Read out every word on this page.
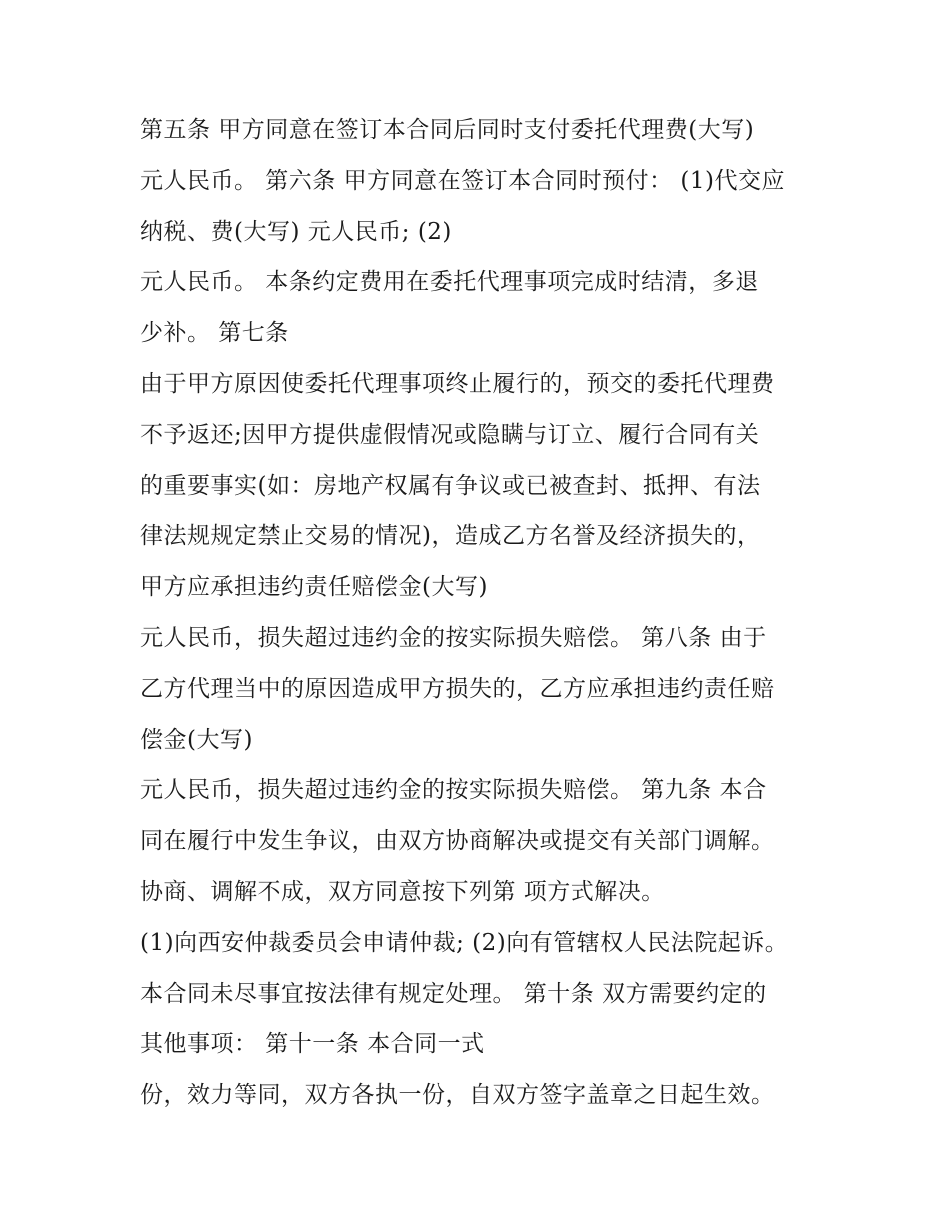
第五条 甲方同意在签订本合同后同时支付委托代理费(大写)
元人民币。 第六条 甲方同意在签订本合同时预付： (1)代交应
纳税、费(大写) 元人民币; (2)
元人民币。 本条约定费用在委托代理事项完成时结清，多退
少补。 第七条
由于甲方原因使委托代理事项终止履行的，预交的委托代理费
不予返还;因甲方提供虚假情况或隐瞒与订立、履行合同有关
的重要事实(如：房地产权属有争议或已被查封、抵押、有法
律法规规定禁止交易的情况)，造成乙方名誉及经济损失的，
甲方应承担违约责任赔偿金(大写)
元人民币，损失超过违约金的按实际损失赔偿。 第八条 由于
乙方代理当中的原因造成甲方损失的，乙方应承担违约责任赔
偿金(大写)
元人民币，损失超过违约金的按实际损失赔偿。 第九条 本合
同在履行中发生争议，由双方协商解决或提交有关部门调解。
协商、调解不成，双方同意按下列第 项方式解决。
(1)向西安仲裁委员会申请仲裁; (2)向有管辖权人民法院起诉。
本合同未尽事宜按法律有规定处理。 第十条 双方需要约定的
其他事项： 第十一条 本合同一式
份，效力等同，双方各执一份，自双方签字盖章之日起生效。
